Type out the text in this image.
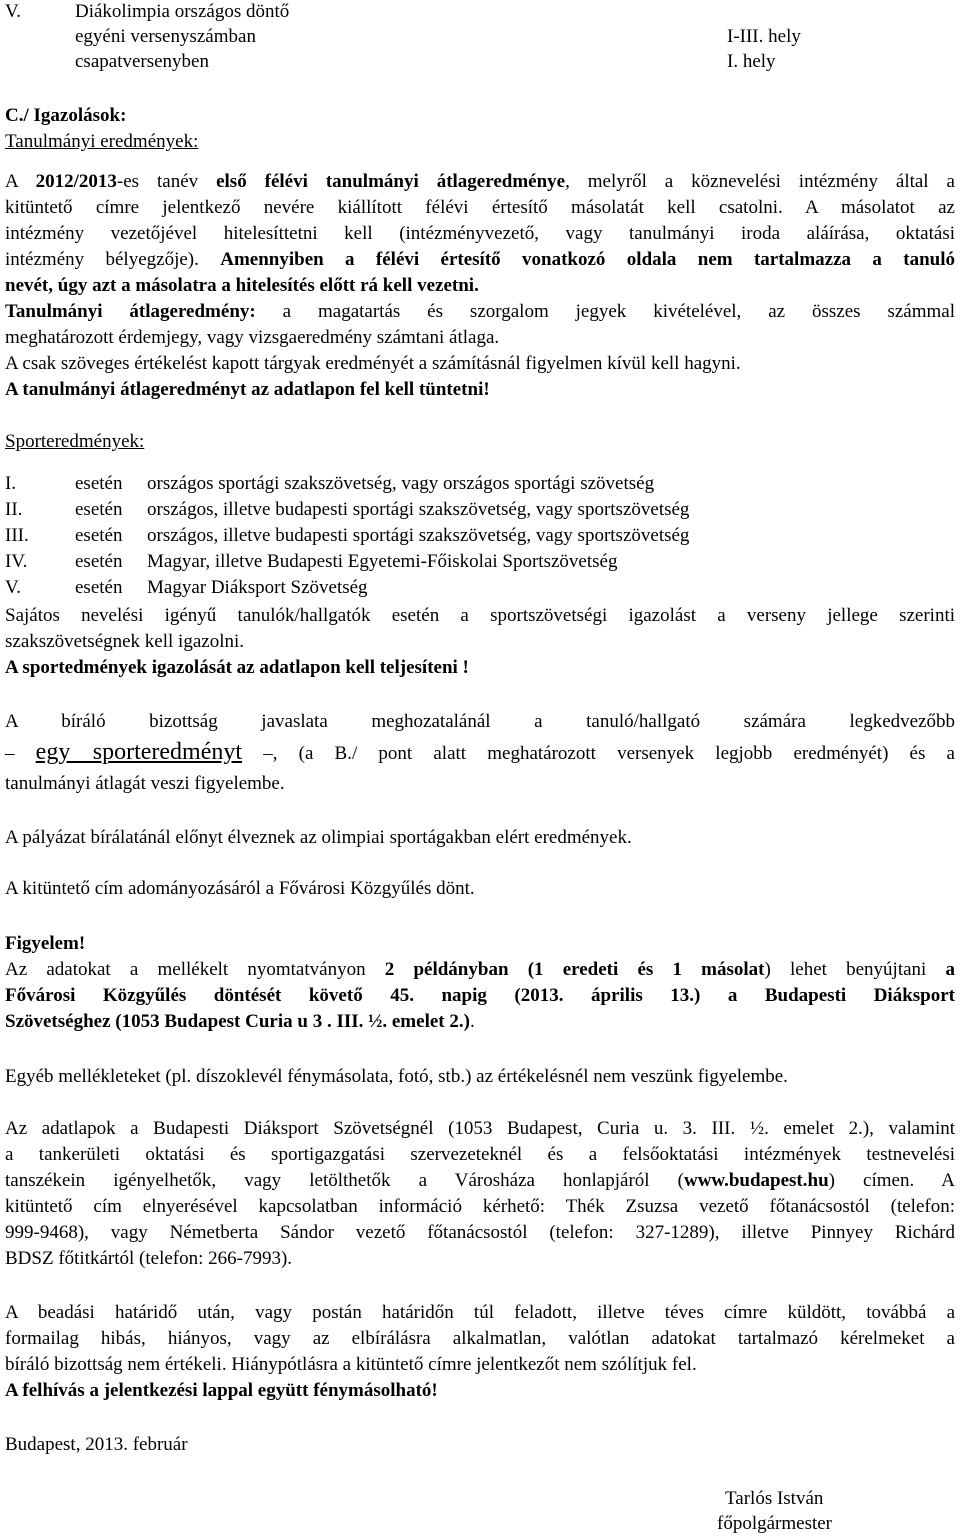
V.	Diákolimpia országos döntő
egyéni versenyszámban	I-III. hely
csapatversenyben	I. hely
C./ Igazolások:
Tanulmányi eredmények:
A 2012/2013-es tanév első félévi tanulmányi átlageredménye, melyről a köznevelési intézmény által a
kitüntető címre jelentkező nevére kiállított félévi értesítő másolatát kell csatolni. A másolatot az
intézmény vezetőjével hitelesíttetni kell (intézményvezető, vagy tanulmányi iroda aláírása, oktatási
intézmény bélyegzője). Amennyiben a félévi értesítő vonatkozó oldala nem tartalmazza a tanuló
nevét, úgy azt a másolatra a hitelesítés előtt rá kell vezetni.
Tanulmányi átlageredmény: a magatartás és szorgalom jegyek kivételével, az összes számmal
meghatározott érdemjegy, vagy vizsgaeredmény számtani átlaga.
A csak szöveges értékelést kapott tárgyak eredményét a számításnál figyelmen kívül kell hagyni.
A tanulmányi átlageredményt az adatlapon fel kell tüntetni!
Sporteredmények:
I.	esetén országos sportági szakszövetség, vagy országos sportági szövetség
II.	esetén országos, illetve budapesti sportági szakszövetség, vagy sportszövetség
III. esetén országos, illetve budapesti sportági szakszövetség, vagy sportszövetség
IV.	esetén Magyar, illetve Budapesti Egyetemi-Főiskolai Sportszövetség
V.	esetén Magyar Diáksport Szövetség
Sajátos nevelési igényű tanulók/hallgatók esetén a sportszövetségi igazolást a verseny jellege szerinti
szakszövetségnek kell igazolni.
A sportedmények igazolását az adatlapon kell teljesíteni !
A bíráló bizottság javaslata meghozatalánál a tanuló/hallgató számára legkedvezőbb
– egy sporteredményt –, (a B./ pont alatt meghatározott versenyek legjobb eredményét) és a
tanulmányi átlagát veszi figyelembe.
A pályázat bírálatánál előnyt élveznek az olimpiai sportágakban elért eredmények.
A kitüntető cím adományozásáról a Fővárosi Közgyűlés dönt.
Figyelem!
Az adatokat a mellékelt nyomtatványon 2 példányban (1 eredeti és 1 másolat) lehet benyújtani a
Fővárosi Közgyűlés döntését követő 45. napig (2013. április 13.) a Budapesti Diáksport
Szövetséghez (1053 Budapest Curia u 3 . III. ½. emelet 2.).
Egyéb mellékleteket (pl. díszoklevél fénymásolata, fotó, stb.) az értékelésnél nem veszünk figyelembe.
Az adatlapok a Budapesti Diáksport Szövetségnél (1053 Budapest, Curia u. 3. III. ½. emelet 2.), valamint
a tankerületi oktatási és sportigazgatási szervezeteknél és a felsőoktatási intézmények testnevelési
tanszékein igényelhetők, vagy letölthetők a Városháza honlapjáról (www.budapest.hu) címen. A
kitüntető cím elnyerésével kapcsolatban információ kérhető: Thék Zsuzsa vezető főtanácsostól (telefon:
999-9468), vagy Németberta Sándor vezető főtanácsostól (telefon: 327-1289), illetve Pinnyey Richárd
BDSZ főtitkártól (telefon: 266-7993).
A beadási határidő után, vagy postán határidőn túl feladott, illetve téves címre küldött, továbbá a
formailag hibás, hiányos, vagy az elbírálásra alkalmatlan, valótlan adatokat tartalmazó kérelmeket a
bíráló bizottság nem értékeli. Hiánypótlásra a kitüntető címre jelentkezőt nem szólítjuk fel.
A felhívás a jelentkezési lappal együtt fénymásolható!
Budapest, 2013. február
Tarlós István
főpolgármester
